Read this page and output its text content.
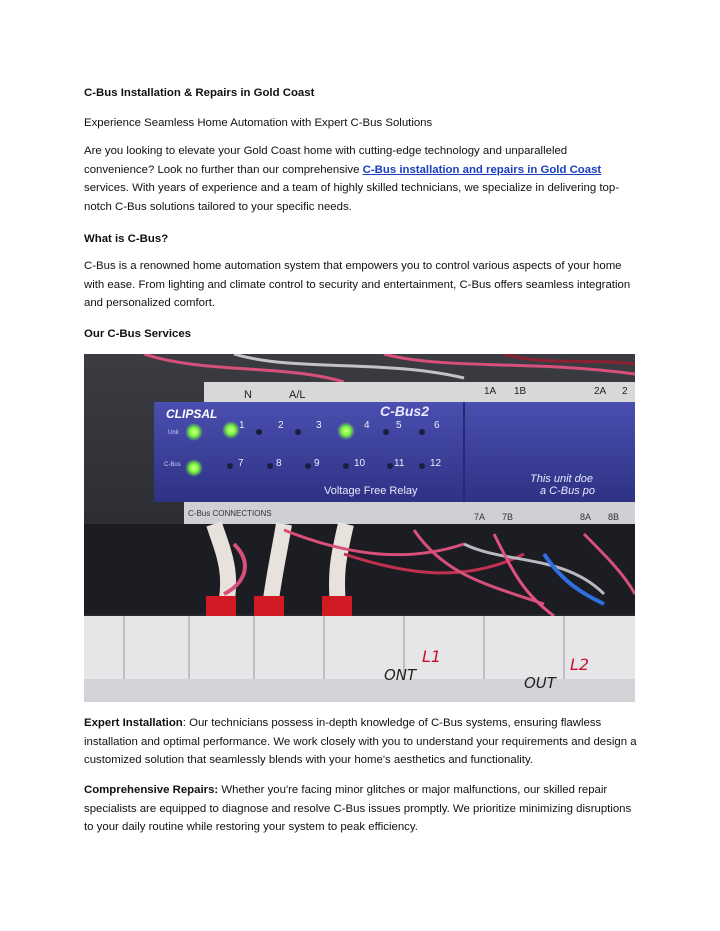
C-Bus Installation & Repairs in Gold Coast

Experience Seamless Home Automation with Expert C-Bus Solutions

Are you looking to elevate your Gold Coast home with cutting-edge technology and unparalleled convenience? Look no further than our comprehensive C-Bus installation and repairs in Gold Coast services. With years of experience and a team of highly skilled technicians, we specialize in delivering top-notch C-Bus solutions tailored to your specific needs.

What is C-Bus?

C-Bus is a renowned home automation system that empowers you to control various aspects of your home with ease. From lighting and climate control to security and entertainment, C-Bus offers seamless integration and personalized comfort.

Our C-Bus Services

N	A/L	1A 1B	2A 2
CLIPSAL	C-Bus2
Unit
C-Bus
1	2	3	4	5	6
7	8	9	10	11	12
Voltage Free Relay
This unit doe
a C-Bus po
C-Bus CONNECTIONS	7A 7B	8A 8B
L1
ONT
L2
OUT

Expert Installation: Our technicians possess in-depth knowledge of C-Bus systems, ensuring flawless installation and optimal performance. We work closely with you to understand your requirements and design a customized solution that seamlessly blends with your home's aesthetics and functionality.

Comprehensive Repairs: Whether you're facing minor glitches or major malfunctions, our skilled repair specialists are equipped to diagnose and resolve C-Bus issues promptly. We prioritize minimizing disruptions to your daily routine while restoring your system to peak efficiency.
